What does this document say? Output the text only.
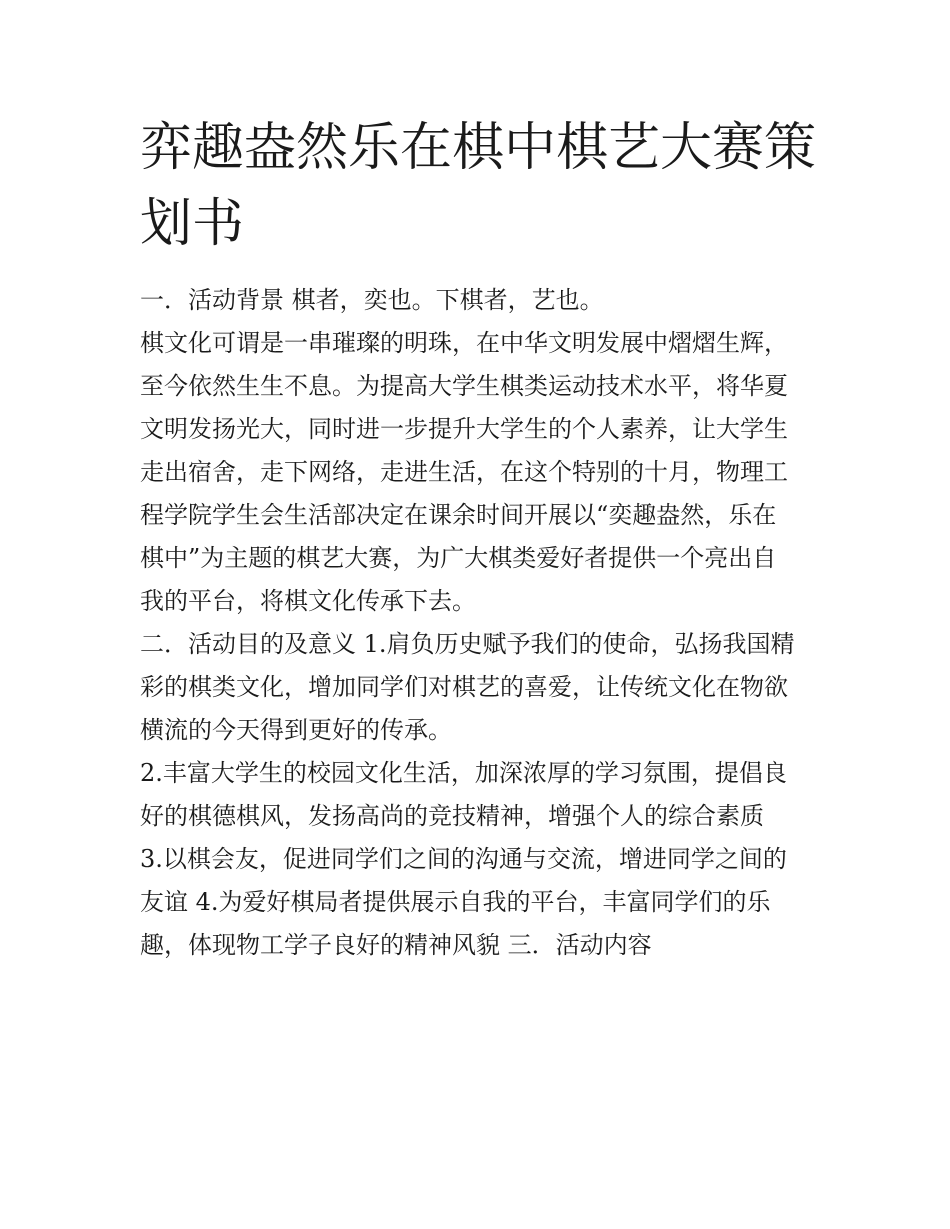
弈趣盎然乐在棋中棋艺大赛策
划书
一．活动背景 棋者，奕也。下棋者，艺也。
棋文化可谓是一串璀璨的明珠，在中华文明发展中熠熠生辉，
至今依然生生不息。为提高大学生棋类运动技术水平，将华夏
文明发扬光大，同时进一步提升大学生的个人素养，让大学生
走出宿舍，走下网络，走进生活，在这个特别的十月，物理工
程学院学生会生活部决定在课余时间开展以“奕趣盎然，乐在
棋中”为主题的棋艺大赛，为广大棋类爱好者提供一个亮出自
我的平台，将棋文化传承下去。
二．活动目的及意义 1.肩负历史赋予我们的使命，弘扬我国精
彩的棋类文化，增加同学们对棋艺的喜爱，让传统文化在物欲
横流的今天得到更好的传承。
2.丰富大学生的校园文化生活，加深浓厚的学习氛围，提倡良
好的棋德棋风，发扬高尚的竞技精神，增强个人的综合素质
3.以棋会友，促进同学们之间的沟通与交流，增进同学之间的
友谊 4.为爱好棋局者提供展示自我的平台，丰富同学们的乐
趣，体现物工学子良好的精神风貌 三．活动内容
